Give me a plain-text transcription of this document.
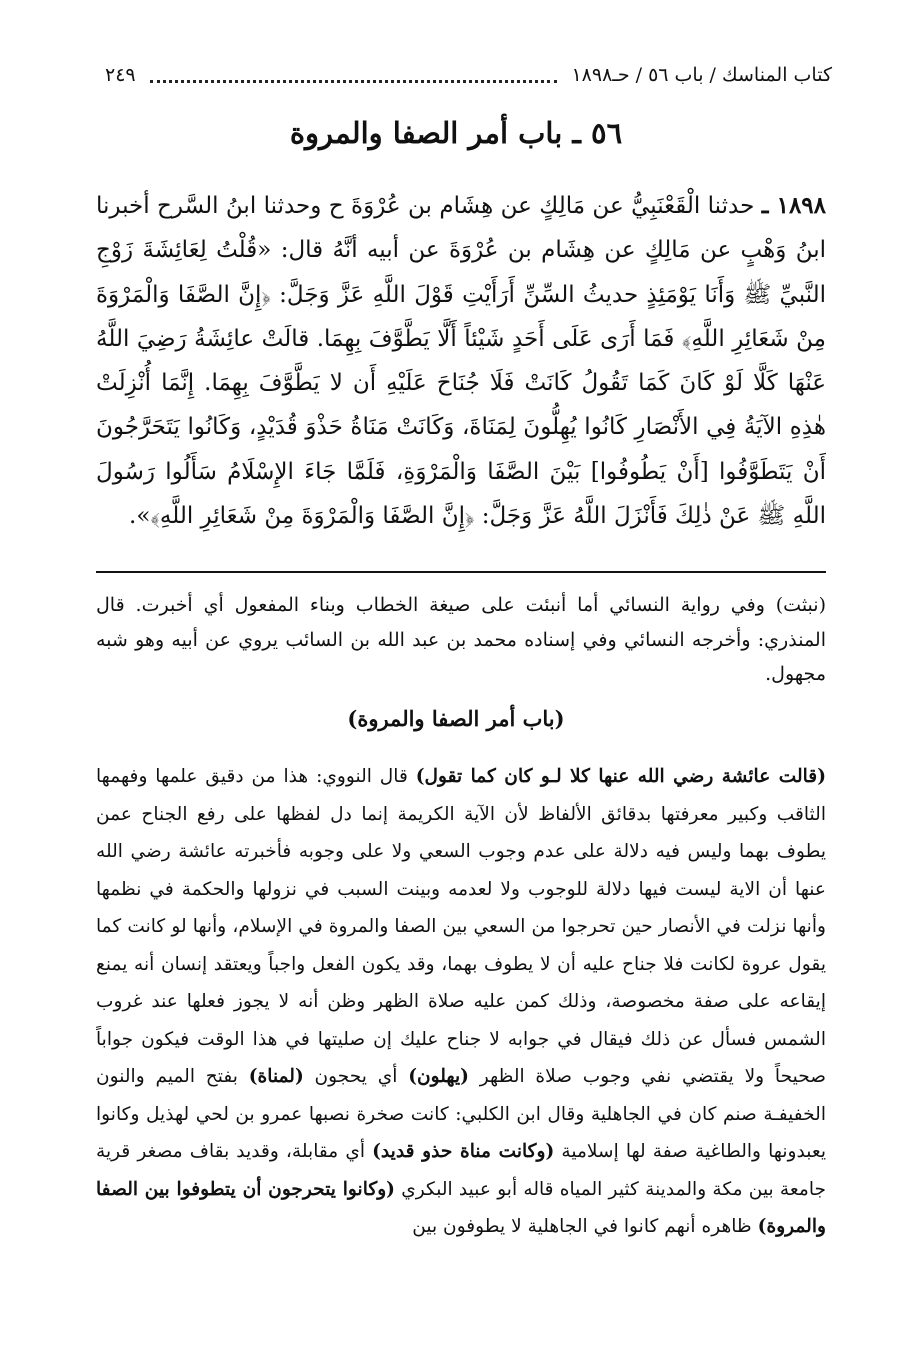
كتاب المناسك / باب ٥٦ / حـ١٨٩٨
٢٤٩
٥٦ ـ باب أمر الصفا والمروة
١٨٩٨ ـ حدثنا الْقَعْنَبِيُّ عن مَالِكٍ عن هِشَام بن عُرْوَةَ ح وحدثنا ابنُ السَّرح أخبرنا ابنُ وَهْبٍ عن مَالِكٍ عن هِشَام بن عُرْوَةَ عن أبيه أنَّهُ قال: «قُلْتُ لِعَائِشَةَ زَوْجِ النَّبيِّ ﷺ وَأَنَا يَوْمَئِذٍ حديثُ السِّنِّ أَرَأَيْتِ قَوْلَ اللَّهِ عَزَّ وَجَلَّ: ﴿إِنَّ الصَّفَا وَالْمَرْوَةَ مِنْ شَعَائِرِ اللَّهِ﴾ فَمَا أَرَى عَلَى أَحَدٍ شَيْئاً أَلَّا يَطَّوَّفَ بِهِمَا. قالَتْ عائِشَةُ رَضِيَ اللَّهُ عَنْهَا كَلَّا لَوْ كَانَ كَمَا تَقُولُ كَانَتْ فَلَا جُنَاحَ عَلَيْهِ أَن لا يَطَّوَّفَ بِهِمَا. إِنَّمَا أُنْزِلَتْ هٰذِهِ الآيَةُ فِي الأَنْصَارِ كَانُوا يُهِلُّونَ لِمَنَاةَ، وَكَانَتْ مَنَاةُ حَذْوَ قُدَيْدٍ، وَكَانُوا يَتَحَرَّجُونَ أَنْ يَتَطَوَّفُوا [أَنْ يَطُوفُوا] بَيْنَ الصَّفَا وَالْمَرْوَةِ، فَلَمَّا جَاءَ الإِسْلَامُ سَأَلُوا رَسُولَ اللَّهِ ﷺ عَنْ ذٰلِكَ فَأَنْزَلَ اللَّهُ عَزَّ وَجَلَّ: ﴿إِنَّ الصَّفَا وَالْمَرْوَةَ مِنْ شَعَائِرِ اللَّهِ﴾».
(نبثت) وفي رواية النسائي أما أنبئت على صيغة الخطاب وبناء المفعول أي أخبرت. قال المنذري: وأخرجه النسائي وفي إسناده محمد بن عبد الله بن السائب يروي عن أبيه وهو شبه مجهول.
(باب أمر الصفا والمروة)
(قالت عائشة رضي الله عنها كلا لـو كان كما تقول) قال النووي: هذا من دقيق علمها وفهمها الثاقب وكبير معرفتها بدقائق الألفاظ لأن الآية الكريمة إنما دل لفظها على رفع الجناح عمن يطوف بهما وليس فيه دلالة على عدم وجوب السعي ولا على وجوبه فأخبرته عائشة رضي الله عنها أن الاية ليست فيها دلالة للوجوب ولا لعدمه وبينت السبب في نزولها والحكمة في نظمها وأنها نزلت في الأنصار حين تحرجوا من السعي بين الصفا والمروة في الإسلام، وأنها لو كانت كما يقول عروة لكانت فلا جناح عليه أن لا يطوف بهما، وقد يكون الفعل واجباً ويعتقد إنسان أنه يمنع إيقاعه على صفة مخصوصة، وذلك كمن عليه صلاة الظهر وظن أنه لا يجوز فعلها عند غروب الشمس فسأل عن ذلك فيقال في جوابه لا جناح عليك إن صليتها في هذا الوقت فيكون جواباً صحيحاً ولا يقتضي نفي وجوب صلاة الظهر (يهلون) أي يحجون (لمناة) بفتح الميم والنون الخفيفـة صنم كان في الجاهلية وقال ابن الكلبي: كانت صخرة نصبها عمرو بن لحي لهذيل وكانوا يعبدونها والطاغية صفة لها إسلامية (وكانت مناة حذو قديد) أي مقابلة، وقديد بقاف مصغر قرية جامعة بين مكة والمدينة كثير المياه قاله أبو عبيد البكري (وكانوا يتحرجون أن يتطوفوا بين الصفا والمروة) ظاهره أنهم كانوا في الجاهلية لا يطوفون بين
